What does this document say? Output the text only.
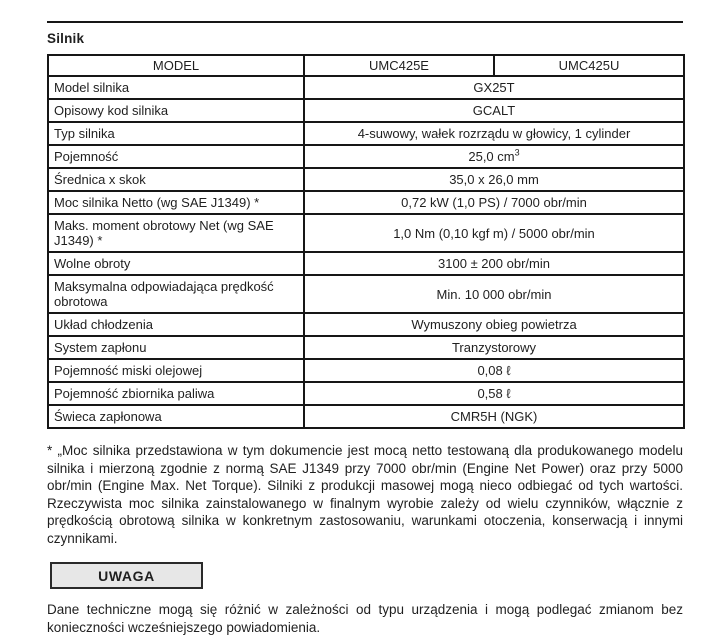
Silnik
MODEL	UMC425E	UMC425U
Model silnika	GX25T	
Opisowy kod silnika	GCALT	
Typ silnika	4-suwowy, wałek rozrządu w głowicy, 1 cylinder	
Pojemność	25,0 $cm^3$
Średnica x skok	35,0 x 26,0 mm	
Moc silnika Netto (wg SAE J1349) *	0,72 kW (1,0 PS) / 7000 obr/min	
Maks. moment obrotowy Net (wg SAE J1349) *	1,0 Nm (0,10 kgf m) / 5000 obr/min	
Wolne obroty	3100 ± 200 obr/min	
Maksymalna odpowiadająca prędkość obrotowa	Min. 10 000 obr/min	
Układ chłodzenia	Wymuszony obieg powietrza	
System zapłonu	Tranzystorowy	
Pojemność miski olejowej	0,08 ℓ	
Pojemność zbiornika paliwa	0,58 ℓ	
Świeca zapłonowa	CMR5H (NGK)	

* „Moc silnika przedstawiona w tym dokumencie jest mocą netto testowaną dla produkowanego modelu silnika i mierzoną zgodnie z normą SAE J1349 przy 7000 obr/min (Engine Net Power) oraz przy 5000 obr/min (Engine Max. Net Torque). Silniki z produkcji masowej mogą nieco odbiegać od tych wartości. Rzeczywista moc silnika zainstalowanego w finalnym wyrobie zależy od wielu czynników, włącznie z prędkością obrotową silnika w konkretnym zastosowaniu, warunkami otoczenia, konserwacją i innymi czynnikami.

UWAGA

Dane techniczne mogą się różnić w zależności od typu urządzenia i mogą podlegać zmianom bez konieczności wcześniejszego powiadomienia.
